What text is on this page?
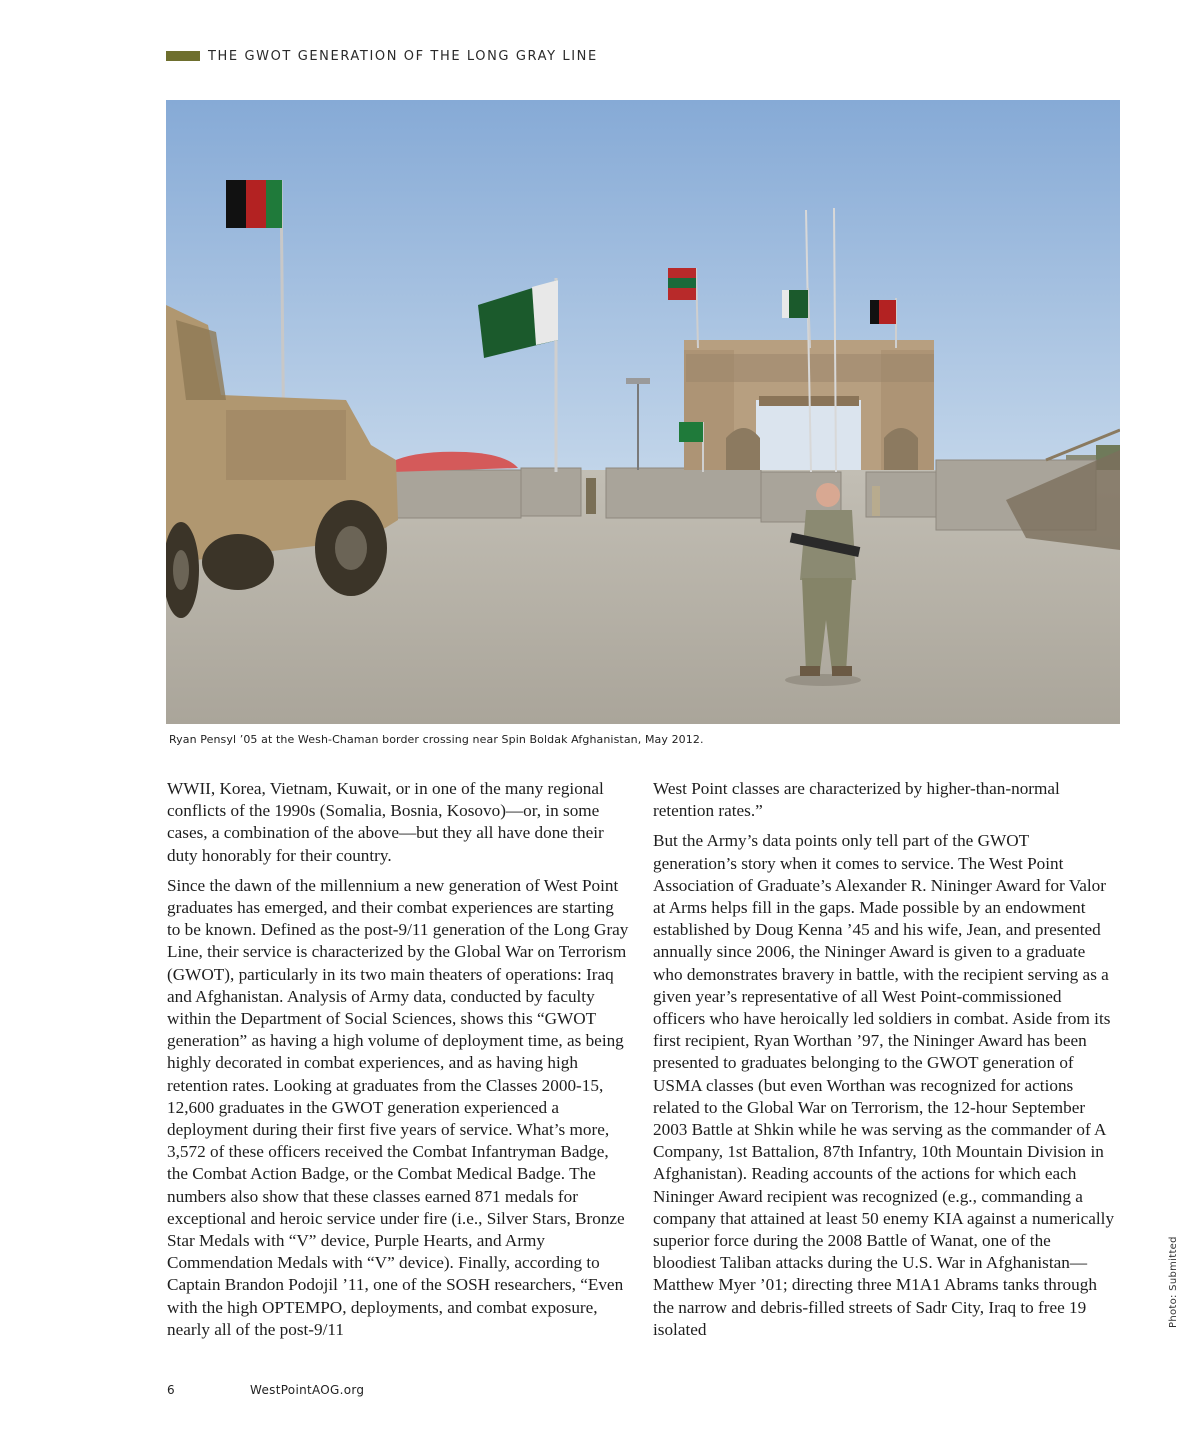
THE GWOT GENERATION OF THE LONG GRAY LINE
Ryan Pensyl ’05 at the Wesh-Chaman border crossing near Spin Boldak Afghanistan, May 2012.

WWII, Korea, Vietnam, Kuwait, or in one of the many regional conflicts of the 1990s (Somalia, Bosnia, Kosovo)—or, in some cases, a combination of the above—but they all have done their duty honorably for their country.

Since the dawn of the millennium a new generation of West Point graduates has emerged, and their combat experiences are starting to be known. Defined as the post-9/11 generation of the Long Gray Line, their service is characterized by the Global War on Terrorism (GWOT), particularly in its two main theaters of operations: Iraq and Afghanistan. Analysis of Army data, conducted by faculty within the Department of Social Sciences, shows this “GWOT generation” as having a high volume of deployment time, as being highly decorated in combat experiences, and as having high retention rates. Looking at graduates from the Classes 2000-15, 12,600 graduates in the GWOT generation experienced a deployment during their first five years of service. What’s more, 3,572 of these officers received the Combat Infantryman Badge, the Combat Action Badge, or the Combat Medical Badge. The numbers also show that these classes earned 871 medals for exceptional and heroic service under fire (i.e., Silver Stars, Bronze Star Medals with “V” device, Purple Hearts, and Army Commendation Medals with “V” device). Finally, according to Captain Brandon Podojil ’11, one of the SOSH researchers, “Even with the high OPTEMPO, deployments, and combat exposure, nearly all of the post-9/11

West Point classes are characterized by higher-than-normal retention rates.”

But the Army’s data points only tell part of the GWOT generation’s story when it comes to service. The West Point Association of Graduate’s Alexander R. Nininger Award for Valor at Arms helps fill in the gaps. Made possible by an endowment established by Doug Kenna ’45 and his wife, Jean, and presented annually since 2006, the Nininger Award is given to a graduate who demonstrates bravery in battle, with the recipient serving as a given year’s representative of all West Point-commissioned officers who have heroically led soldiers in combat. Aside from its first recipient, Ryan Worthan ’97, the Nininger Award has been presented to graduates belonging to the GWOT generation of USMA classes (but even Worthan was recognized for actions related to the Global War on Terrorism, the 12-hour September 2003 Battle at Shkin while he was serving as the commander of A Company, 1st Battalion, 87th Infantry, 10th Mountain Division in Afghanistan). Reading accounts of the actions for which each Nininger Award recipient was recognized (e.g., commanding a company that attained at least 50 enemy KIA against a numerically superior force during the 2008 Battle of Wanat, one of the bloodiest Taliban attacks during the U.S. War in Afghanistan—Matthew Myer ’01; directing three M1A1 Abrams tanks through the narrow and debris-filled streets of Sadr City, Iraq to free 19 isolated

Photo: Submitted
6	WestPointAOG.org
